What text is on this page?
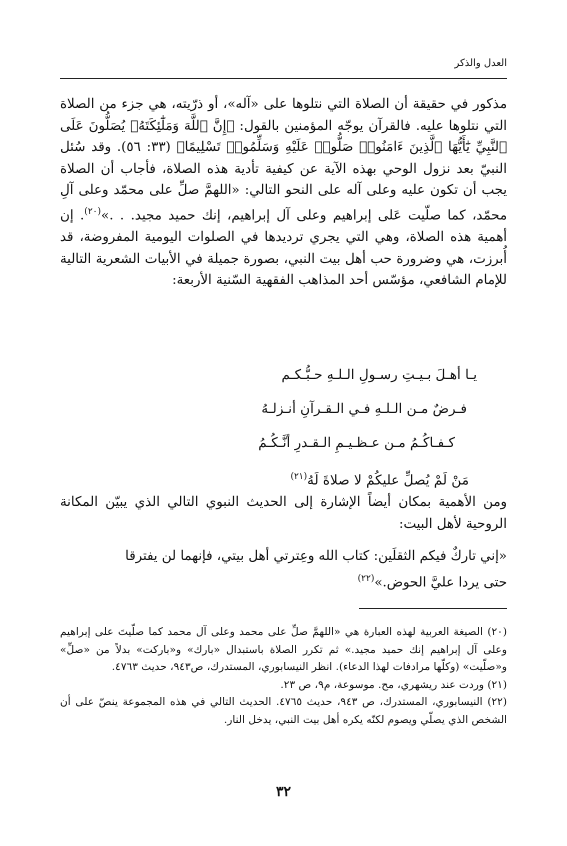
العدل والذكر

مذكور في حقيقة أن الصلاة التي نتلوها على «آله»، أو ذرّيته، هي جزء من الصلاة التي نتلوها عليه. فالقرآن يوجّه المؤمنين بالقول: ﴿إِنَّ ٱللَّهَ وَمَلَٰٓئِكَتَهُۥ يُصَلُّونَ عَلَى ٱلنَّبِيِّ يَٰٓأَيُّهَا ٱلَّذِينَ ءَامَنُوا۟ صَلُّوا۟ عَلَيْهِ وَسَلِّمُوا۟ تَسْلِيمًا﴾ (٣٣: ٥٦). وقد سُئل النبيّ بعد نزول الوحي بهذه الآية عن كيفية تأدية هذه الصلاة، فأجاب أن الصلاة يجب أن تكون عليه وعلى آله على النحو التالي: «اللهمَّ صلِّ على محمّد وعلى آلِ محمّد، كما صلّيت عَلى إبراهيم وعلى آل إبراهيم، إنك حميد مجيد. . .»$^{(٢٠)}$. إن أهمية هذه الصلاة، وهي التي يجري ترديدها في الصلوات اليومية المفروضة، قد أُبرزت، هي وضرورة حب أهل بيت النبي، بصورة جميلة في الأبيات الشعرية التالية للإمام الشافعي، مؤسّس أحد المذاهب الفقهية السّنية الأربعة:

يـا أهـلَ بـيـتِ رسـولِ الـلـهِ حـبُّـكـم
فـرضٌ مـن الـلـهِ فـي الـقـرآنِ أنـزلـهُ
كـفـاكُـمُ مـن عـظـيـمِ الـقـدرِ أنَّـكُـمُ
مَنْ لَمْ يُصلِّ عليكُمْ لا صلاةَ لَهُ$^{(٢١)}$

ومن الأهمية بمكان أيضاً الإشارة إلى الحديث النبوي التالي الذي يبيّن المكانة الروحية لأهل البيت:

«إني تاركٌ فيكم الثقلَين: كتاب الله وعِترتي أهل بيتي، فإنهما لن يفترقا

حتى يردا عليَّ الحوض.»$^{(٢٢)}$

(٢٠) الصيغة العربية لهذه العبارة هي «اللهمَّ صلِّ على محمد وعلى آل محمد كما صلّيتَ على إبراهيم وعلى آل إبراهيم إنك حميد مجيد.» ثم تكرر الصلاة باستبدال «بارك» و«باركت» بدلاً من «صلِّ» و«صلّيت» (وكلّها مرادفات لهذا الدعاء). انظر النيسابوري، المستدرك، ص٩٤٣، حديث ٤٧٦٣.

(٢١) وردت عند ريشهري، مح. موسوعة، م٩، ص ٢٣.

(٢٢) النيسابوري، المستدرك، ص ٩٤٣، حديث ٤٧٦٥. الحديث التالي في هذه المجموعة ينصّ على أن الشخص الذي يصلّي ويصوم لكنّه يكره أهل بيت النبي، يدخل النار.

٣٢
